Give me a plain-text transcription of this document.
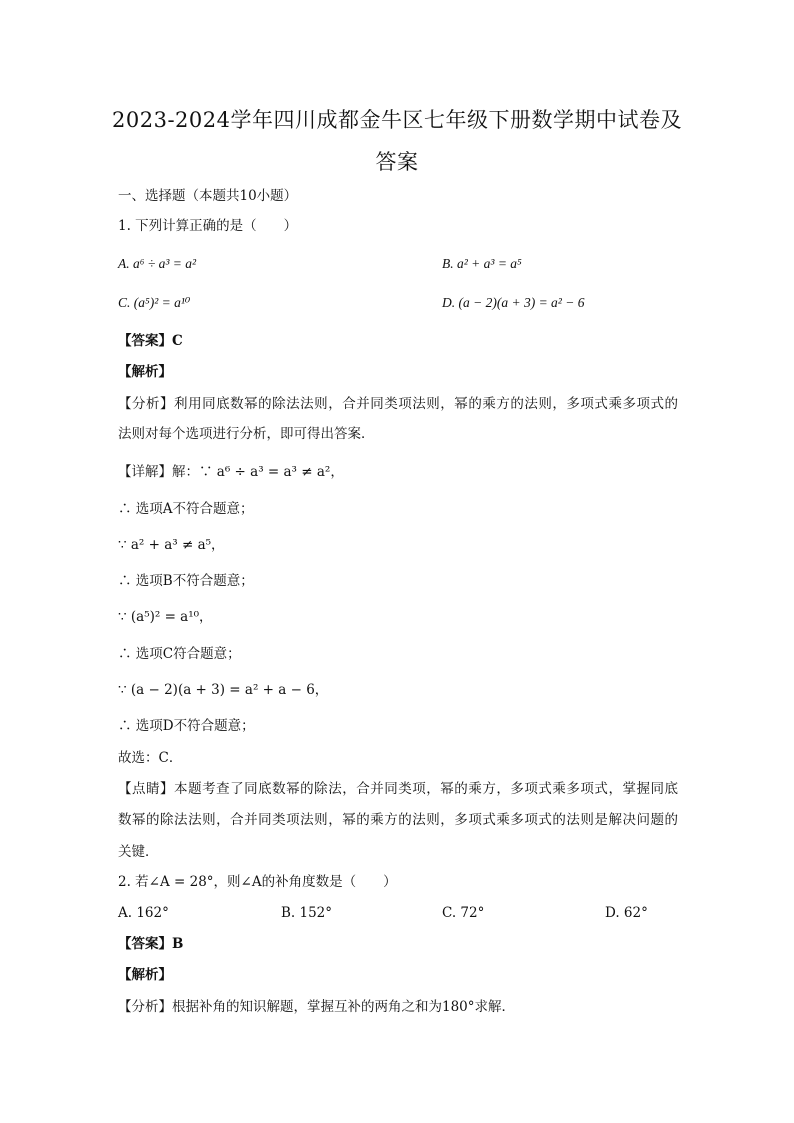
2023-2024学年四川成都金牛区七年级下册数学期中试卷及
答案
一、选择题（本题共10小题）
1. 下列计算正确的是（　　）
A. a⁶ ÷ a³ = a²	B. a² + a³ = a⁵
C. (a⁵)² = a¹⁰	D. (a − 2)(a + 3) = a² − 6
【答案】C
【解析】
【分析】利用同底数幂的除法法则，合并同类项法则，幂的乘方的法则，多项式乘多项式的
法则对每个选项进行分析，即可得出答案．
【详解】解：∵ a⁶ ÷ a³ = a³ ≠ a²，
∴ 选项A不符合题意；
∵ a² + a³ ≠ a⁵，
∴ 选项B不符合题意；
∵ (a⁵)² = a¹⁰，
∴ 选项C符合题意；
∵ (a − 2)(a + 3) = a² + a − 6，
∴ 选项D不符合题意；
故选：C．
【点睛】本题考查了同底数幂的除法，合并同类项，幂的乘方，多项式乘多项式，掌握同底
数幂的除法法则，合并同类项法则，幂的乘方的法则，多项式乘多项式的法则是解决问题的
关键．
2. 若∠A = 28°，则∠A的补角度数是（　　）
A. 162°	B. 152°	C. 72°	D. 62°
【答案】B
【解析】
【分析】根据补角的知识解题，掌握互补的两角之和为180°求解．
